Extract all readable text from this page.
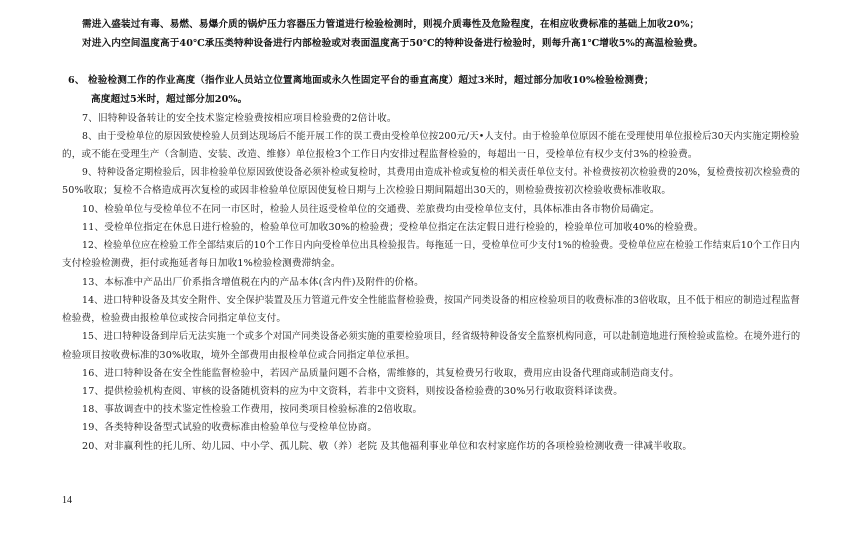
需进入盛装过有毒、易燃、易爆介质的锅炉压力容器压力管道进行检验检测时，则视介质毒性及危险程度，在相应收费标准的基础上加收20%；
对进入内空间温度高于40℃承压类特种设备进行内部检验或对表面温度高于50℃的特种设备进行检验时，则每升高1℃增收5%的高温检验费。
6、 检验检测工作的作业高度（指作业人员站立位置离地面或永久性固定平台的垂直高度）超过3米时，超过部分加收10%检验检测费；
高度超过5米时，超过部分加20%。
7、旧特种设备转让的安全技术鉴定检验费按相应项目检验费的2倍计收。
8、由于受检单位的原因致使检验人员到达现场后不能开展工作的误工费由受检单位按200元/天•人支付。由于检验单位原因不能在受理使用单位报检后30天内实施定期检验
的，或不能在受理生产（含制造、安装、改造、维修）单位报检3个工作日内安排过程监督检验的，每超出一日，受检单位有权少支付3%的检验费。
9、特种设备定期检验后，因非检验单位原因致使设备必须补检或复检时，其费用由造成补检或复检的相关责任单位支付。补检费按初次检验费的20%，复检费按初次检验费的
50%收取；复检不合格造成再次复检的或因非检验单位原因使复检日期与上次检验日期间隔超出30天的，则检验费按初次检验收费标准收取。
10、检验单位与受检单位不在同一市区时，检验人员往返受检单位的交通费、差旅费均由受检单位支付，具体标准由各市物价局确定。
11、受检单位指定在休息日进行检验的，检验单位可加收30%的检验费；受检单位指定在法定假日进行检验的，检验单位可加收40%的检验费。
12、检验单位应在检验工作全部结束后的10个工作日内向受检单位出具检验报告。每拖延一日，受检单位可少支付1%的检验费。受检单位应在检验工作结束后10个工作日内
支付检验检测费，拒付或拖延者每日加收1%检验检测费滞纳金。
13、本标准中产品出厂价系指含增值税在内的产品本体(含内件)及附件的价格。
14、进口特种设备及其安全附件、安全保护装置及压力管道元件安全性能监督检验费，按国产同类设备的相应检验项目的收费标准的3倍收取，且不低于相应的制造过程监督
检验费，检验费由报检单位或按合同指定单位支付。
15、进口特种设备到岸后无法实施一个或多个对国产同类设备必须实施的重要检验项目，经省级特种设备安全监察机构同意，可以赴制造地进行预检验或监检。在境外进行的
检验项目按收费标准的30%收取，境外全部费用由报检单位或合同指定单位承担。
16、进口特种设备在安全性能监督检验中，若因产品质量问题不合格，需维修的，其复检费另行收取，费用应由设备代理商或制造商支付。
17、提供检验机构查阅、审核的设备随机资料的应为中文资料，若非中文资料，则按设备检验费的30%另行收取资料译读费。
18、事故调查中的技术鉴定性检验工作费用，按同类项目检验标准的2倍收取。
19、各类特种设备型式试验的收费标准由检验单位与受检单位协商。
20、对非赢利性的托儿所、幼儿园、中小学、孤儿院、敬（养）老院 及其他福利事业单位和农村家庭作坊的各项检验检测收费一律减半收取。
14
